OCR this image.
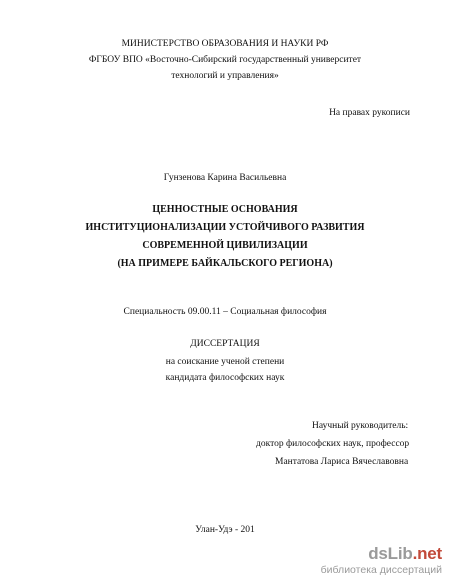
МИНИСТЕРСТВО ОБРАЗОВАНИЯ И НАУКИ РФ
ФГБОУ ВПО «Восточно-Сибирский государственный университет
технологий и управления»
На правах рукописи
Гунзенова Карина Васильевна
ЦЕННОСТНЫЕ ОСНОВАНИЯ
ИНСТИТУЦИОНАЛИЗАЦИИ УСТОЙЧИВОГО РАЗВИТИЯ
СОВРЕМЕННОЙ ЦИВИЛИЗАЦИИ
(НА ПРИМЕРЕ БАЙКАЛЬСКОГО РЕГИОНА)
Специальность 09.00.11 – Социальная философия
ДИССЕРТАЦИЯ
на соискание ученой степени
кандидата философских наук
Научный руководитель:
доктор философских наук, профессор
Мантатова Лариса Вячеславовна
Улан-Удэ - 201
dsLib.net
библиотека диссертаций
